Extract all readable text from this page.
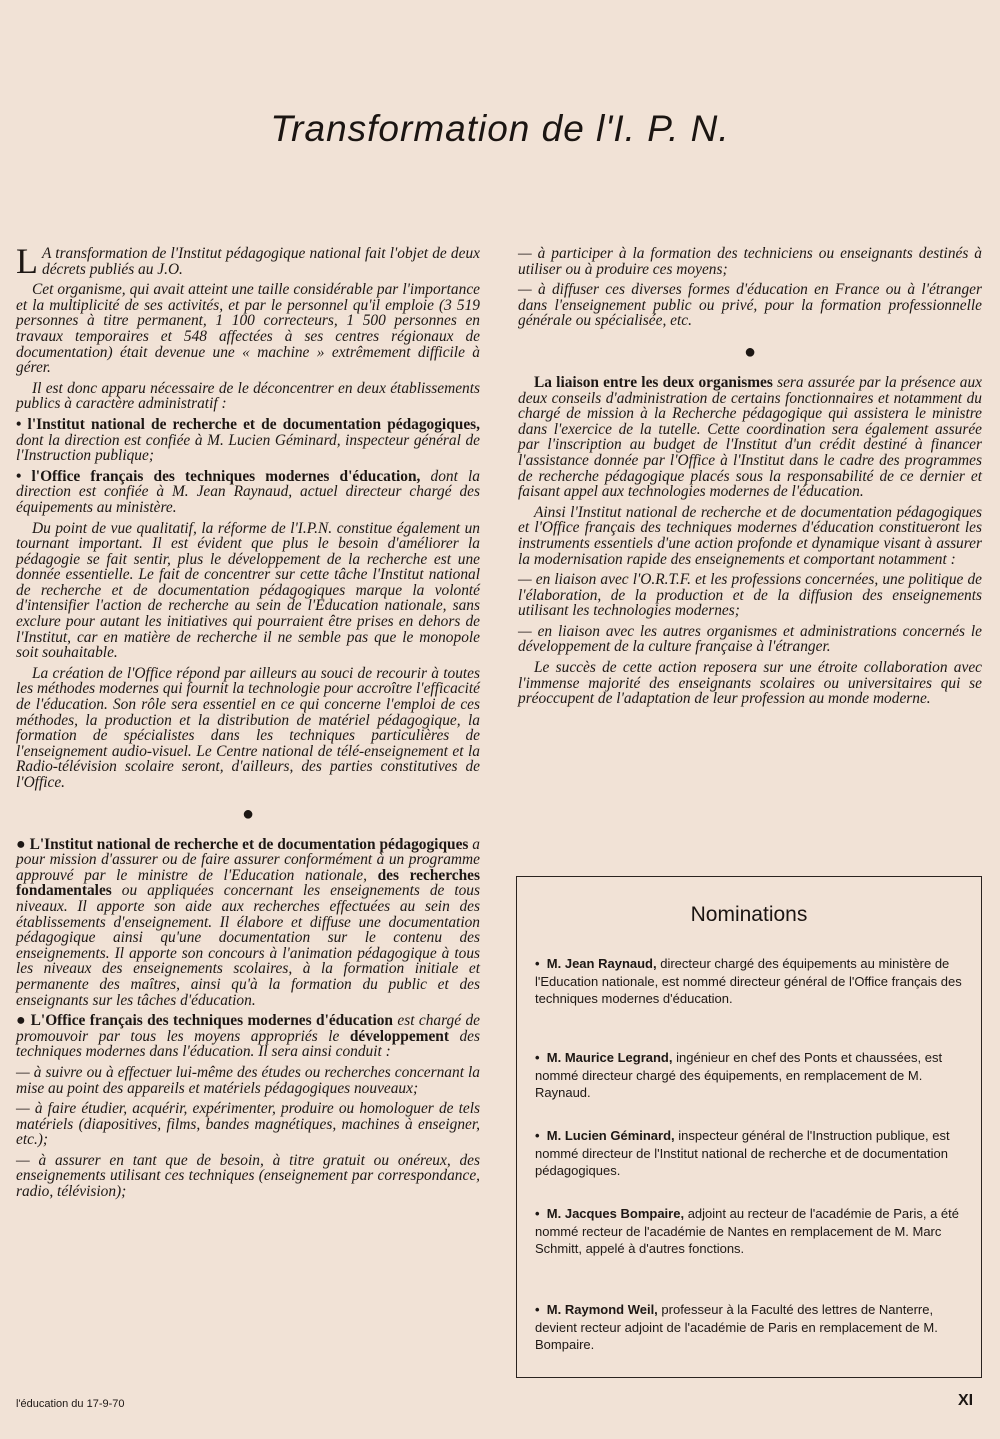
Transformation de l'I. P. N.

L A transformation de l'Institut pédagogique national fait l'objet de deux décrets publiés au J.O.

Cet organisme, qui avait atteint une taille considérable par l'importance et la multiplicité de ses activités, et par le personnel qu'il emploie (3 519 personnes à titre permanent, 1 100 correcteurs, 1 500 personnes en travaux temporaires et 548 affectées à ses centres régionaux de documentation) était devenue une « machine » extrêmement difficile à gérer.

Il est donc apparu nécessaire de le déconcentrer en deux établissements publics à caractère administratif :

• l'Institut national de recherche et de documentation pédagogiques, dont la direction est confiée à M. Lucien Géminard, inspecteur général de l'Instruction publique;

• l'Office français des techniques modernes d'éducation, dont la direction est confiée à M. Jean Raynaud, actuel directeur chargé des équipements au ministère.

Du point de vue qualitatif, la réforme de l'I.P.N. constitue également un tournant important. Il est évident que plus le besoin d'améliorer la pédagogie se fait sentir, plus le développement de la recherche est une donnée essentielle. Le fait de concentrer sur cette tâche l'Institut national de recherche et de documentation pédagogiques marque la volonté d'intensifier l'action de recherche au sein de l'Education nationale, sans exclure pour autant les initiatives qui pourraient être prises en dehors de l'Institut, car en matière de recherche il ne semble pas que le monopole soit souhaitable.

La création de l'Office répond par ailleurs au souci de recourir à toutes les méthodes modernes qui fournit la technologie pour accroître l'efficacité de l'éducation. Son rôle sera essentiel en ce qui concerne l'emploi de ces méthodes, la production et la distribution de matériel pédagogique, la formation de spécialistes dans les techniques particulières de l'enseignement audio-visuel. Le Centre national de télé-enseignement et la Radio-télévision scolaire seront, d'ailleurs, des parties constitutives de l'Office.

●

● L'Institut national de recherche et de documentation pédagogiques a pour mission d'assurer ou de faire assurer conformément à un programme approuvé par le ministre de l'Education nationale, des recherches fondamentales ou appliquées concernant les enseignements de tous niveaux. Il apporte son aide aux recherches effectuées au sein des établissements d'enseignement. Il élabore et diffuse une documentation pédagogique ainsi qu'une documentation sur le contenu des enseignements. Il apporte son concours à l'animation pédagogique à tous les niveaux des enseignements scolaires, à la formation initiale et permanente des maîtres, ainsi qu'à la formation du public et des enseignants sur les tâches d'éducation.

● L'Office français des techniques modernes d'éducation est chargé de promouvoir par tous les moyens appropriés le développement des techniques modernes dans l'éducation. Il sera ainsi conduit :

— à suivre ou à effectuer lui-même des études ou recherches concernant la mise au point des appareils et matériels pédagogiques nouveaux;

— à faire étudier, acquérir, expérimenter, produire ou homologuer de tels matériels (diapositives, films, bandes magnétiques, machines à enseigner, etc.);

— à assurer en tant que de besoin, à titre gratuit ou onéreux, des enseignements utilisant ces techniques (enseignement par correspondance, radio, télévision);

— à participer à la formation des techniciens ou enseignants destinés à utiliser ou à produire ces moyens;

— à diffuser ces diverses formes d'éducation en France ou à l'étranger dans l'enseignement public ou privé, pour la formation professionnelle générale ou spécialisée, etc.

●

La liaison entre les deux organismes sera assurée par la présence aux deux conseils d'administration de certains fonctionnaires et notamment du chargé de mission à la Recherche pédagogique qui assistera le ministre dans l'exercice de la tutelle. Cette coordination sera également assurée par l'inscription au budget de l'Institut d'un crédit destiné à financer l'assistance donnée par l'Office à l'Institut dans le cadre des programmes de recherche pédagogique placés sous la responsabilité de ce dernier et faisant appel aux technologies modernes de l'éducation.

Ainsi l'Institut national de recherche et de documentation pédagogiques et l'Office français des techniques modernes d'éducation constitueront les instruments essentiels d'une action profonde et dynamique visant à assurer la modernisation rapide des enseignements et comportant notamment :

— en liaison avec l'O.R.T.F. et les professions concernées, une politique de l'élaboration, de la production et de la diffusion des enseignements utilisant les technologies modernes;

— en liaison avec les autres organismes et administrations concernés le développement de la culture française à l'étranger.

Le succès de cette action reposera sur une étroite collaboration avec l'immense majorité des enseignants scolaires ou universitaires qui se préoccupent de l'adaptation de leur profession au monde moderne.

Nominations
• M. Jean Raynaud, directeur chargé des équipements au ministère de l'Education nationale, est nommé directeur général de l'Office français des techniques modernes d'éducation.
• M. Maurice Legrand, ingénieur en chef des Ponts et chaussées, est nommé directeur chargé des équipements, en remplacement de M. Raynaud.
• M. Lucien Géminard, inspecteur général de l'Instruction publique, est nommé directeur de l'Institut national de recherche et de documentation pédagogiques.
• M. Jacques Bompaire, adjoint au recteur de l'académie de Paris, a été nommé recteur de l'académie de Nantes en remplacement de M. Marc Schmitt, appelé à d'autres fonctions.
• M. Raymond Weil, professeur à la Faculté des lettres de Nanterre, devient recteur adjoint de l'académie de Paris en remplacement de M. Bompaire.
l'éducation du 17-9-70	XI
